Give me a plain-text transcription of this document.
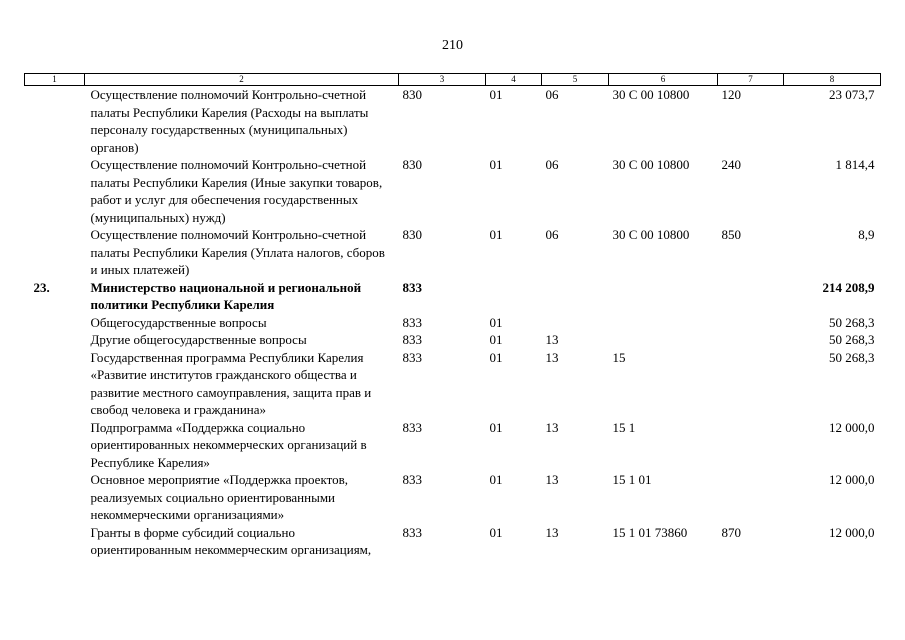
210
1	2	3	4	5	6	7	8
	Осуществление полномочий Контрольно-счетной палаты Республики Карелия (Расходы на выплаты персоналу государственных (муниципальных) органов)	830	01	06	30 С 00 10800	120	23 073,7
	Осуществление полномочий Контрольно-счетной палаты Республики Карелия (Иные закупки товаров, работ и услуг для обеспечения государственных (муниципальных) нужд)	830	01	06	30 С 00 10800	240	1 814,4
	Осуществление полномочий Контрольно-счетной палаты Республики Карелия (Уплата налогов, сборов и иных платежей)	830	01	06	30 С 00 10800	850	8,9
23.	Министерство национальной и региональной политики Республики Карелия	833					214 208,9
	Общегосударственные вопросы	833	01				50 268,3
	Другие общегосударственные вопросы	833	01	13			50 268,3
	Государственная программа Республики Карелия «Развитие институтов гражданского общества и развитие местного самоуправления, защита прав и свобод человека и гражданина»	833	01	13	15		50 268,3
	Подпрограмма «Поддержка социально ориентированных некоммерческих организаций в Республике Карелия»	833	01	13	15 1		12 000,0
	Основное мероприятие «Поддержка проектов, реализуемых социально ориентированными некоммерческими организациями»	833	01	13	15 1 01		12 000,0
	Гранты в форме субсидий социально ориентированным некоммерческим организациям,	833	01	13	15 1 01 73860	870	12 000,0
